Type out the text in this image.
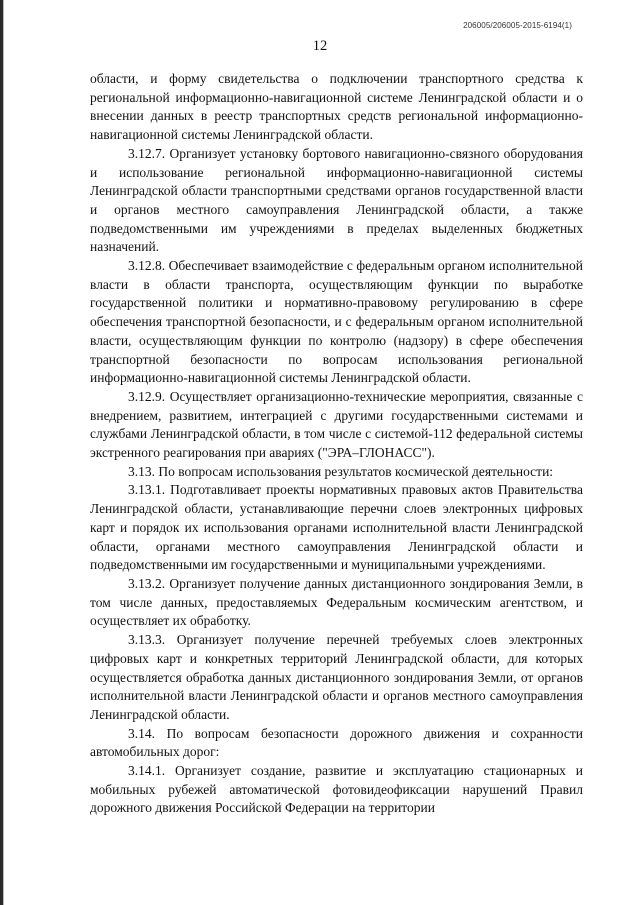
206005/206005-2015-6194(1)
12

области, и форму свидетельства о подключении транспортного средства к региональной информационно-навигационной системе Ленинградской области и о внесении данных в реестр транспортных средств региональной информационно-навигационной системы Ленинградской области.

3.12.7. Организует установку бортового навигационно-связного оборудования и использование региональной информационно-навигационной системы Ленинградской области транспортными средствами органов государственной власти и органов местного самоуправления Ленинградской области, а также подведомственными им учреждениями в пределах выделенных бюджетных назначений.

3.12.8. Обеспечивает взаимодействие с федеральным органом исполнительной власти в области транспорта, осуществляющим функции по выработке государственной политики и нормативно-правовому регулированию в сфере обеспечения транспортной безопасности, и с федеральным органом исполнительной власти, осуществляющим функции по контролю (надзору) в сфере обеспечения транспортной безопасности по вопросам использования региональной информационно-навигационной системы Ленинградской области.

3.12.9. Осуществляет организационно-технические мероприятия, связанные с внедрением, развитием, интеграцией с другими государственными системами и службами Ленинградской области, в том числе с системой-112 федеральной системы экстренного реагирования при авариях ("ЭРА–ГЛОНАСС").

3.13. По вопросам использования результатов космической деятельности:

3.13.1. Подготавливает проекты нормативных правовых актов Правительства Ленинградской области, устанавливающие перечни слоев электронных цифровых карт и порядок их использования органами исполнительной власти Ленинградской области, органами местного самоуправления Ленинградской области и подведомственными им государственными и муниципальными учреждениями.

3.13.2. Организует получение данных дистанционного зондирования Земли, в том числе данных, предоставляемых Федеральным космическим агентством, и осуществляет их обработку.

3.13.3. Организует получение перечней требуемых слоев электронных цифровых карт и конкретных территорий Ленинградской области, для которых осуществляется обработка данных дистанционного зондирования Земли, от органов исполнительной власти Ленинградской области и органов местного самоуправления Ленинградской области.

3.14. По вопросам безопасности дорожного движения и сохранности автомобильных дорог:

3.14.1. Организует создание, развитие и эксплуатацию стационарных и мобильных рубежей автоматической фотовидеофиксации нарушений Правил дорожного движения Российской Федерации на территории
